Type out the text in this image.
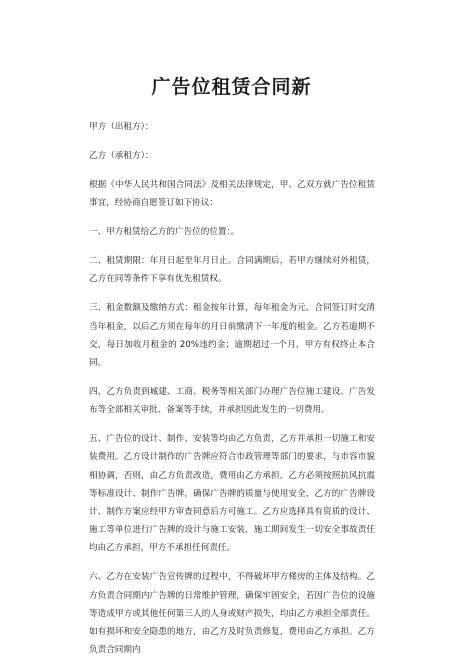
广告位租赁合同新

甲方（出租方）：

乙方（承租方）：

根据《中华人民共和国合同法》及相关法律规定，甲、乙双方就广告位租赁事宜，经协商自愿签订如下协议：

一、甲方租赁给乙方的广告位的位置：。

二、租赁期限：年月日起至年月日止。合同满期后，若甲方继续对外租赁，乙方在同等条件下享有优先租赁权。

三、租金数额及缴纳方式：租金按年计算，每年租金为元。合同签订时交清当年租金，以后乙方须在每年的月日前缴清下一年度的租金。乙方若逾期不交，每日加收月租金的 20%违约金；逾期超过一个月，甲方有权终止本合同。

四、乙方负责到城建、工商、税务等相关部门办理广告位施工建设、广告发布等全部相关审批、备案等手续，并承担因此发生的一切费用。

五、广告位的设计、制作、安装等均由乙方负责，乙方并承担一切施工和安装费用。乙方设计制作的广告牌应符合市政管理等部门的要求，与市容市貌相协调，否则，由乙方负责改造，费用由乙方承担。乙方必须按照抗风抗震等标准设计、制作广告牌，确保广告牌的质量与使用安全，乙方的广告牌设计、制作方案应经甲方审查同意后方可施工。乙方应选择具有资质的设计、施工等单位进行广告牌的设计与施工安装，施工期间发生一切安全事故责任均由乙方承担，甲方不承担任何责任。

六、乙方在安装广告宣传牌的过程中，不得破坏甲方楼房的主体及结构。乙方负责合同期内广告牌的日常维护管理，确保牢固安全，若因广告位的设施等造成甲方或其他任何第三人的人身或财产损失，均由乙方承担全部责任。如有损坏和安全隐患的地方，由乙方及时负责修复，费用由乙方承担。乙方负责合同期内
